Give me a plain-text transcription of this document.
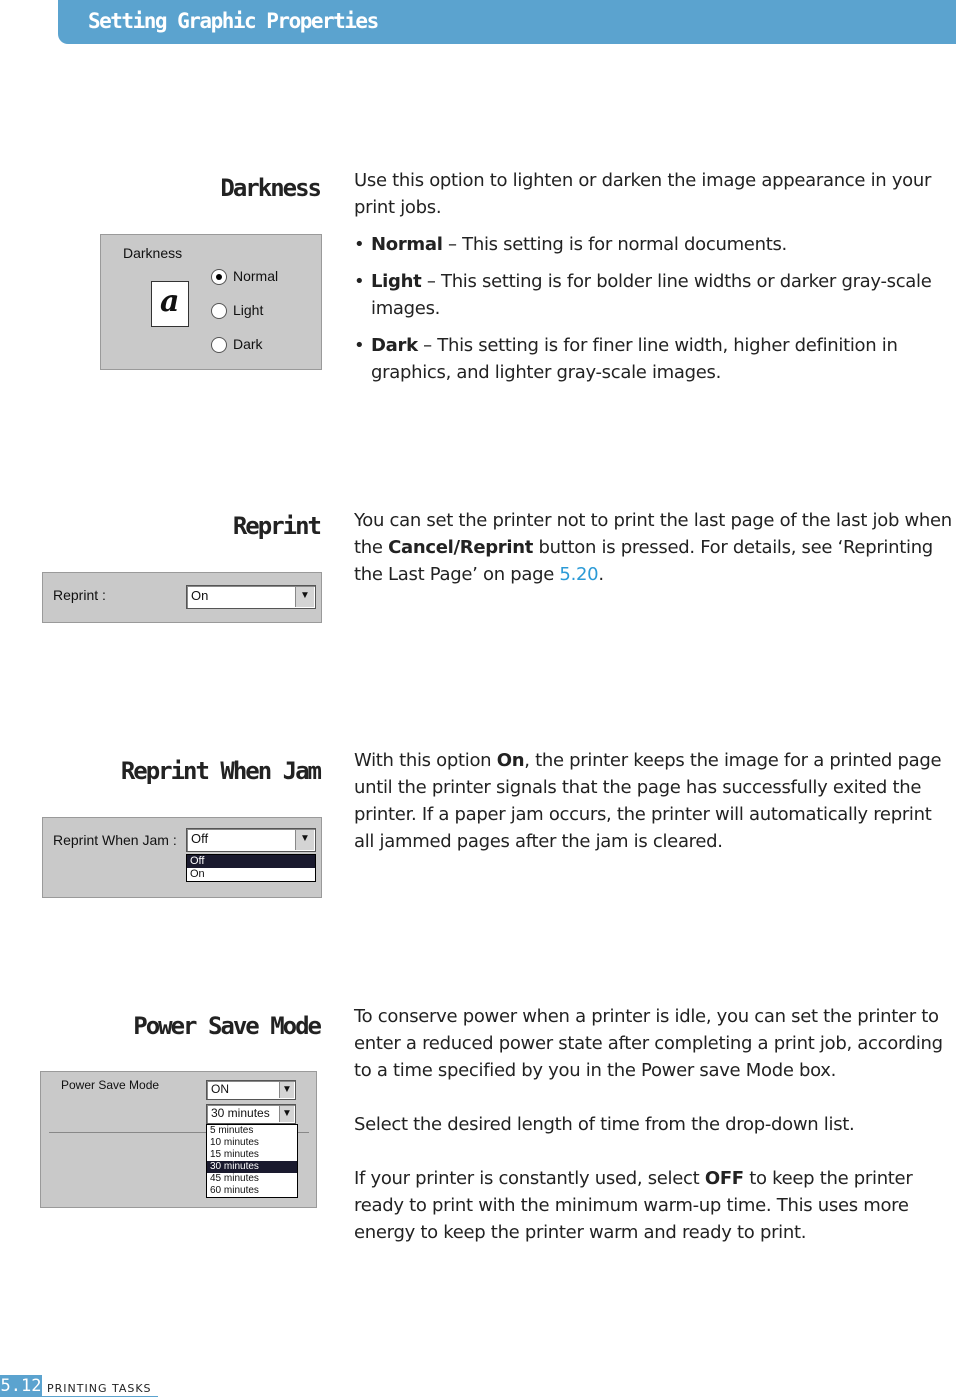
Setting Graphic Properties
Darkness
Darkness
a
Normal
Light
Dark

Use this option to lighten or darken the image appearance in your print jobs.

• Normal – This setting is for normal documents.

• Light – This setting is for bolder line widths or darker gray-scale images.

• Dark – This setting is for finer line width, higher definition in graphics, and lighter gray-scale images.

Reprint
Reprint :	On	▼

You can set the printer not to print the last page of the last job when the Cancel/Reprint button is pressed. For details, see ‘Reprinting the Last Page’ on page 5.20.

Reprint When Jam
Reprint When Jam : Off	▼
Off
On

With this option On, the printer keeps the image for a printed page until the printer signals that the page has successfully exited the printer. If a paper jam occurs, the printer will automatically reprint all jammed pages after the jam is cleared.

Power Save Mode
Power Save Mode	ON	▼
30 minutes	▼
5 minutes
10 minutes
15 minutes
30 minutes
45 minutes
60 minutes

To conserve power when a printer is idle, you can set the printer to enter a reduced power state after completing a print job, according to a time specified by you in the Power save Mode box.

Select the desired length of time from the drop-down list.

If your printer is constantly used, select OFF to keep the printer ready to print with the minimum warm-up time. This uses more energy to keep the printer warm and ready to print.

5.12 PRINTING TASKS
